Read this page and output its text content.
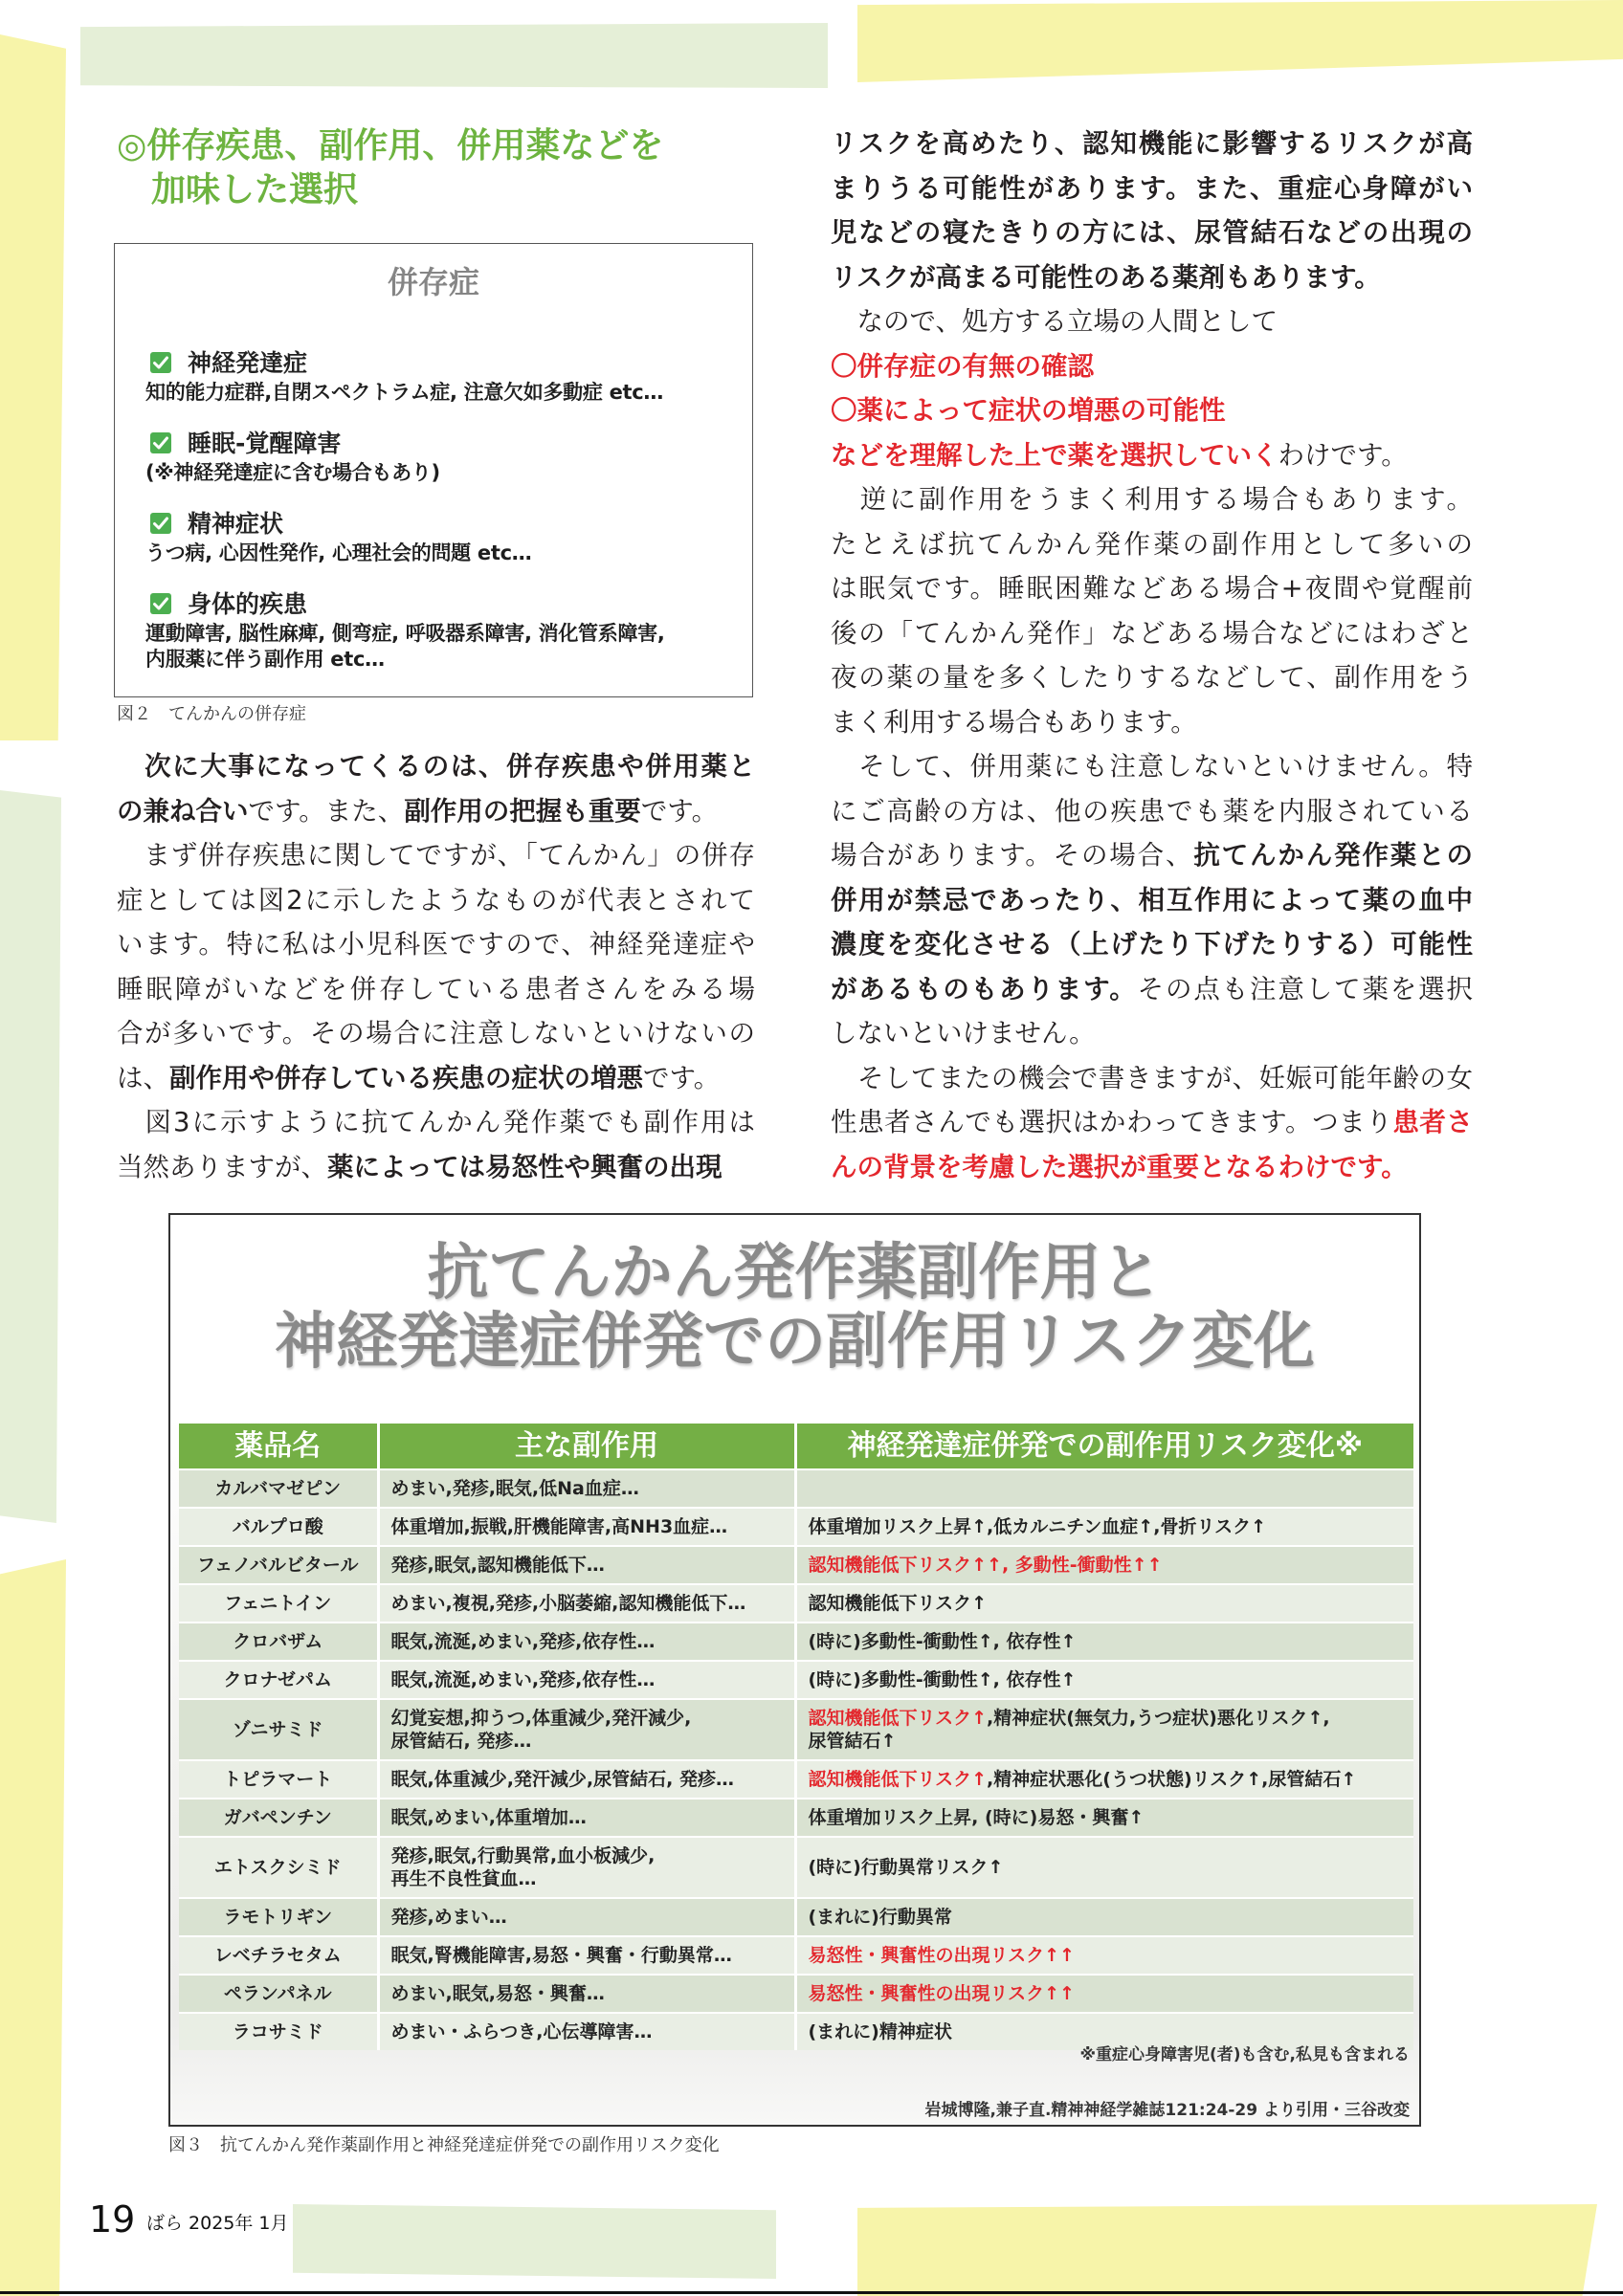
◎併存疾患、副作用、併用薬などを
　加味した選択
併存症
神経発達症
知的能力症群,自閉スペクトラム症, 注意欠如多動症 etc…
睡眠-覚醒障害
(※神経発達症に含む場合もあり)
精神症状
うつ病, 心因性発作, 心理社会的問題 etc…
身体的疾患
運動障害, 脳性麻痺, 側弯症, 呼吸器系障害, 消化管系障害,
内服薬に伴う副作用 etc…
図２　てんかんの併存症
　次に大事になってくるのは、併存疾患や併用薬と
の兼ね合いです。また、副作用の把握も重要です。
　まず併存疾患に関してですが、「てんかん」の併存
症としては図2に示したようなものが代表とされて
います。特に私は小児科医ですので、神経発達症や
睡眠障がいなどを併存している患者さんをみる場
合が多いです。その場合に注意しないといけないの
は、副作用や併存している疾患の症状の増悪です。
　図3に示すように抗てんかん発作薬でも副作用は
当然ありますが、薬によっては易怒性や興奮の出現
リスクを高めたり、認知機能に影響するリスクが高
まりうる可能性があります。また、重症心身障がい
児などの寝たきりの方には、尿管結石などの出現の
リスクが高まる可能性のある薬剤もあります。
　なので、処方する立場の人間として
〇併存症の有無の確認
〇薬によって症状の増悪の可能性
などを理解した上で薬を選択していくわけです。
　逆に副作用をうまく利用する場合もあります。
たとえば抗てんかん発作薬の副作用として多いの
は眠気です。睡眠困難などある場合+夜間や覚醒前
後の「てんかん発作」などある場合などにはわざと
夜の薬の量を多くしたりするなどして、副作用をう
まく利用する場合もあります。
　そして、併用薬にも注意しないといけません。特
にご高齢の方は、他の疾患でも薬を内服されている
場合があります。その場合、抗てんかん発作薬との
併用が禁忌であったり、相互作用によって薬の血中
濃度を変化させる（上げたり下げたりする）可能性
があるものもあります。その点も注意して薬を選択
しないといけません。
　そしてまたの機会で書きますが、妊娠可能年齢の女
性患者さんでも選択はかわってきます。つまり患者さ
んの背景を考慮した選択が重要となるわけです。
抗てんかん発作薬副作用と
神経発達症併発での副作用リスク変化
薬品名	主な副作用	神経発達症併発での副作用リスク変化※
カルバマゼピン	めまい,発疹,眠気,低Na血症…	

バルプロ酸	体重増加,振戦,肝機能障害,高NH3血症…	体重増加リスク上昇↑,低カルニチン血症↑,骨折リスク↑

フェノバルビタール	発疹,眠気,認知機能低下…	認知機能低下リスク↑↑, 多動性-衝動性↑↑

フェニトイン	めまい,複視,発疹,小脳萎縮,認知機能低下…	認知機能低下リスク↑

クロバザム	眠気,流涎,めまい,発疹,依存性…	(時に)多動性-衝動性↑, 依存性↑

クロナゼパム	眠気,流涎,めまい,発疹,依存性…	(時に)多動性-衝動性↑, 依存性↑

ゾニサミド	幻覚妄想,抑うつ,体重減少,発汗減少,
尿管結石, 発疹…	認知機能低下リスク↑,精神症状(無気力,うつ症状)悪化リスク↑,
尿管結石↑

トピラマート	眠気,体重減少,発汗減少,尿管結石, 発疹…	認知機能低下リスク↑,精神症状悪化(うつ状態)リスク↑,尿管結石↑

ガバペンチン	眠気,めまい,体重増加…	体重増加リスク上昇, (時に)易怒・興奮↑

エトスクシミド	発疹,眠気,行動異常,血小板減少,
再生不良性貧血…	(時に)行動異常リスク↑

ラモトリギン	発疹,めまい…	(まれに)行動異常

レベチラセタム	眠気,腎機能障害,易怒・興奮・行動異常…	易怒性・興奮性の出現リスク↑↑

ペランパネル	めまい,眠気,易怒・興奮…	易怒性・興奮性の出現リスク↑↑

ラコサミド	めまい・ふらつき,心伝導障害…	(まれに)精神症状
※重症心身障害児(者)も含む,私見も含まれる
岩城博隆,兼子直.精神神経学雑誌121:24-29 より引用・三谷改変
図３　抗てんかん発作薬副作用と神経発達症併発での副作用リスク変化
19 ばら 2025年 1月
